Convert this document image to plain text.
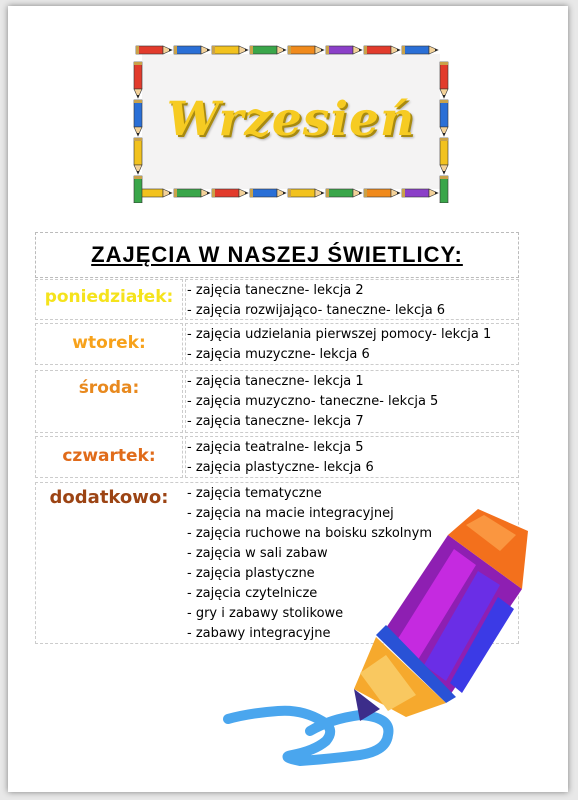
Wrzesień
ZAJĘCIA W NASZEJ ŚWIETLICY:
poniedziałek:	- zajęcia taneczne- lekcja 2
- zajęcia rozwijająco- taneczne- lekcja 6
wtorek:	- zajęcia udzielania pierwszej pomocy- lekcja 1
- zajęcia muzyczne- lekcja 6
środa:	- zajęcia taneczne- lekcja 1
- zajęcia muzyczno- taneczne- lekcja 5
- zajęcia taneczne- lekcja 7
czwartek:	- zajęcia teatralne- lekcja 5
- zajęcia plastyczne- lekcja 6
dodatkowo:	- zajęcia tematyczne
- zajęcia na macie integracyjnej
- zajęcia ruchowe na boisku szkolnym
- zajęcia w sali zabaw
- zajęcia plastyczne
- zajęcia czytelnicze
- gry i zabawy stolikowe
- zabawy integracyjne
